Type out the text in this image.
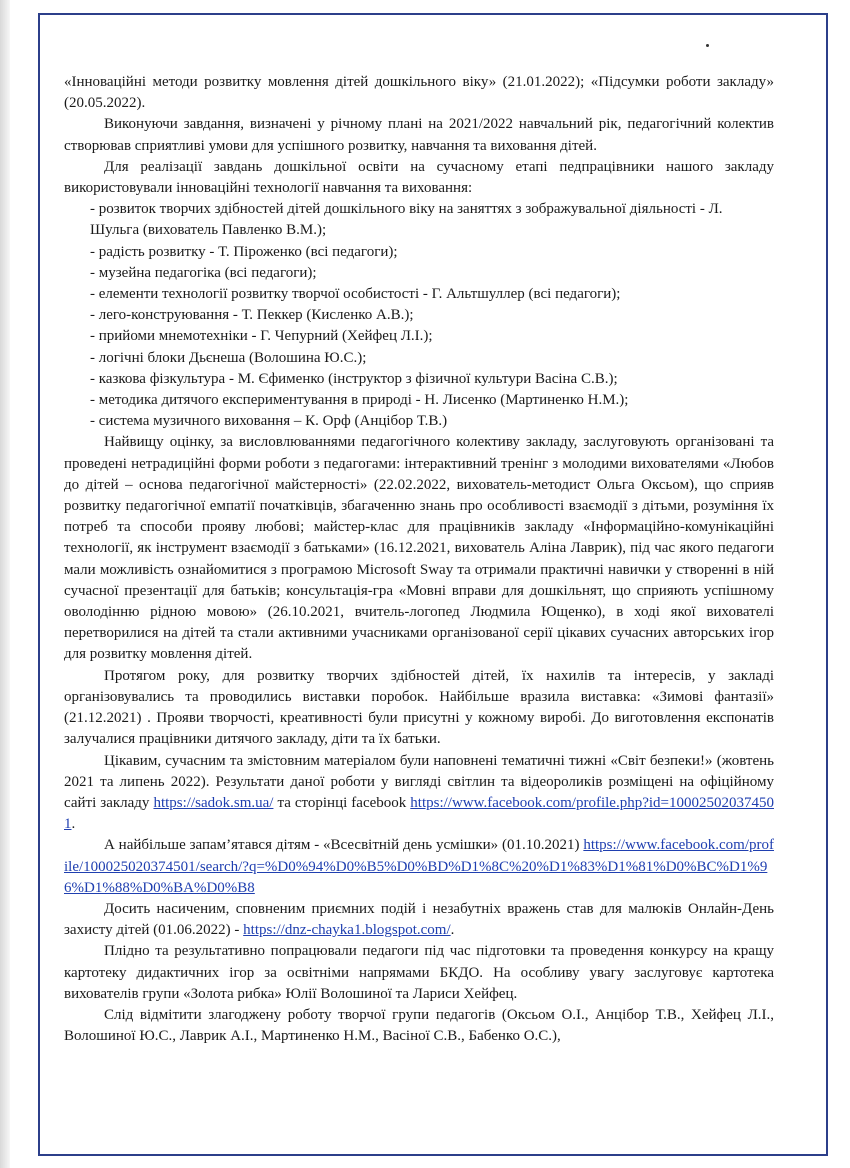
«Інноваційні методи розвитку мовлення дітей дошкільного віку» (21.01.2022); «Підсумки роботи закладу» (20.05.2022).

Виконуючи завдання, визначені у річному плані на 2021/2022 навчальний рік, педагогічний колектив створював сприятливі умови для успішного розвитку, навчання та виховання дітей.

Для реалізації завдань дошкільної освіти на сучасному етапі педпрацівники нашого закладу використовували інноваційні технології навчання та виховання:

- розвиток творчих здібностей дітей дошкільного віку на заняттях з зображувальної діяльності - Л. Шульга (вихователь Павленко В.М.);

- радість розвитку - Т. Піроженко (всі педагоги);

- музейна педагогіка (всі педагоги);

- елементи технології розвитку творчої особистості - Г. Альтшуллер (всі педагоги);

- лего-конструювання - Т. Пеккер (Кисленко А.В.);

- прийоми мнемотехніки - Г. Чепурний (Хейфец Л.І.);

- логічні блоки Дьєнеша (Волошина Ю.С.);

- казкова фізкультура - М. Єфименко (інструктор з фізичної культури Васіна С.В.);

- методика дитячого експериментування в природі - Н. Лисенко (Мартиненко Н.М.);

- система музичного виховання – К. Орф (Анцібор Т.В.)

Найвищу оцінку, за висловлюваннями педагогічного колективу закладу, заслуговують організовані та проведені нетрадиційні форми роботи з педагогами: інтерактивний тренінг з молодими вихователями «Любов до дітей – основа педагогічної майстерності» (22.02.2022, вихователь-методист Ольга Оксьом), що сприяв розвитку педагогічної емпатії початківців, збагаченню знань про особливості взаємодії з дітьми, розуміння їх потреб та способи прояву любові; майстер-клас для працівників закладу «Інформаційно-комунікаційні технології, як інструмент взаємодії з батьками» (16.12.2021, вихователь Аліна Лаврик), під час якого педагоги мали можливість ознайомитися з програмою Microsoft Sway та отримали практичні навички у створенні в ній сучасної презентації для батьків; консультація-гра «Мовні вправи для дошкільнят, що сприяють успішному оволодінню рідною мовою» (26.10.2021, вчитель-логопед Людмила Ющенко), в ході якої вихователі перетворилися на дітей та стали активними учасниками організованої серії цікавих сучасних авторських ігор для розвитку мовлення дітей.

Протягом року, для розвитку творчих здібностей дітей, їх нахилів та інтересів, у закладі організовувались та проводились виставки поробок. Найбільше вразила виставка: «Зимові фантазії» (21.12.2021) . Прояви творчості, креативності були присутні у кожному виробі. До виготовлення експонатів залучалися працівники дитячого закладу, діти та їх батьки.

Цікавим, сучасним та змістовним матеріалом були наповнені тематичні тижні «Світ безпеки!» (жовтень 2021 та липень 2022). Результати даної роботи у вигляді світлин та відеороликів розміщені на офіційному сайті закладу https://sadok.sm.ua/ та сторінці facebook https://www.facebook.com/profile.php?id=100025020374501.

А найбільше запам’ятався дітям - «Всесвітній день усмішки» (01.10.2021) https://www.facebook.com/profile/100025020374501/search/?q=%D0%94%D0%B5%D0%BD%D1%8C%20%D1%83%D1%81%D0%BC%D1%96%D1%88%D0%BA%D0%B8

Досить насиченим, сповненим приємних подій і незабутніх вражень став для малюків Онлайн-День захисту дітей (01.06.2022) - https://dnz-chayka1.blogspot.com/.

Плідно та результативно попрацювали педагоги під час підготовки та проведення конкурсу на кращу картотеку дидактичних ігор за освітніми напрямами БКДО. На особливу увагу заслуговує картотека вихователів групи «Золота рибка» Юлії Волошиної та Лариси Хейфец.

Слід відмітити злагоджену роботу творчої групи педагогів (Оксьом О.І., Анцібор Т.В., Хейфец Л.І., Волошиної Ю.С., Лаврик А.І., Мартиненко Н.М., Васіної С.В., Бабенко О.С.),
